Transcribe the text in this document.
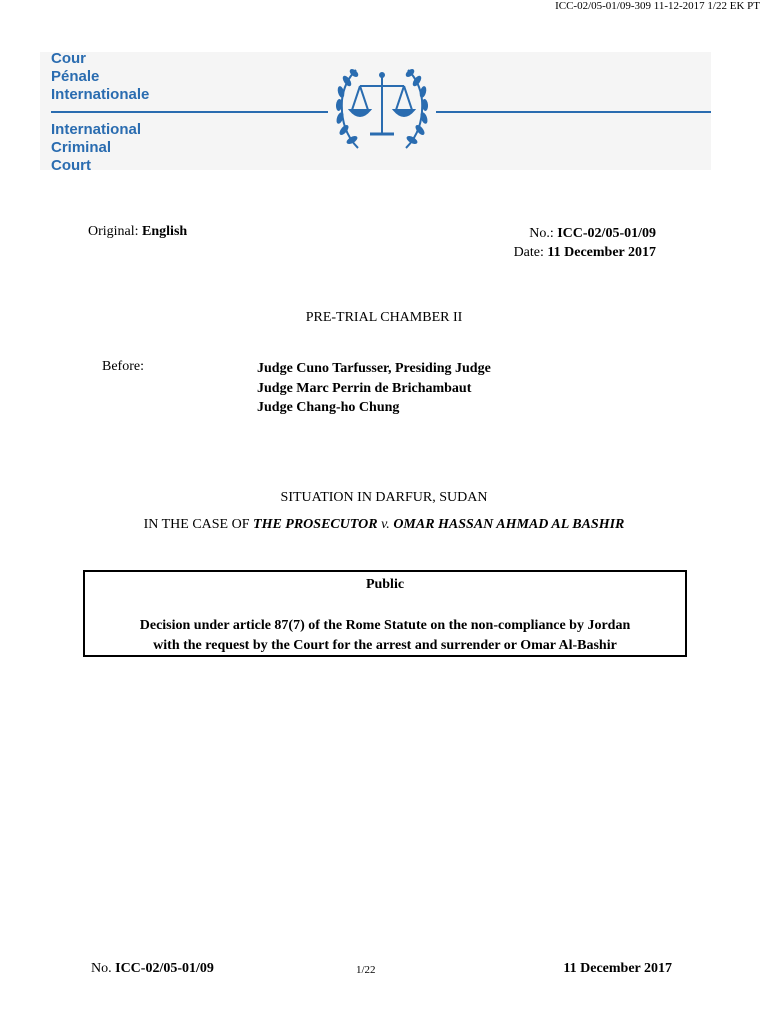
ICC-02/05-01/09-309 11-12-2017 1/22 EK PT
Cour
Pénale
Internationale
International
Criminal
Court
Original: English	No.: ICC-02/05-01/09
Date: 11 December 2017
PRE-TRIAL CHAMBER II
Before:	Judge Cuno Tarfusser, Presiding Judge
Judge Marc Perrin de Brichambaut
Judge Chang-ho Chung
SITUATION IN DARFUR, SUDAN
IN THE CASE OF THE PROSECUTOR v. OMAR HASSAN AHMAD AL BASHIR
Public
Decision under article 87(7) of the Rome Statute on the non-compliance by Jordan
with the request by the Court for the arrest and surrender or Omar Al-Bashir
No. ICC-02/05-01/09	1/22	11 December 2017
